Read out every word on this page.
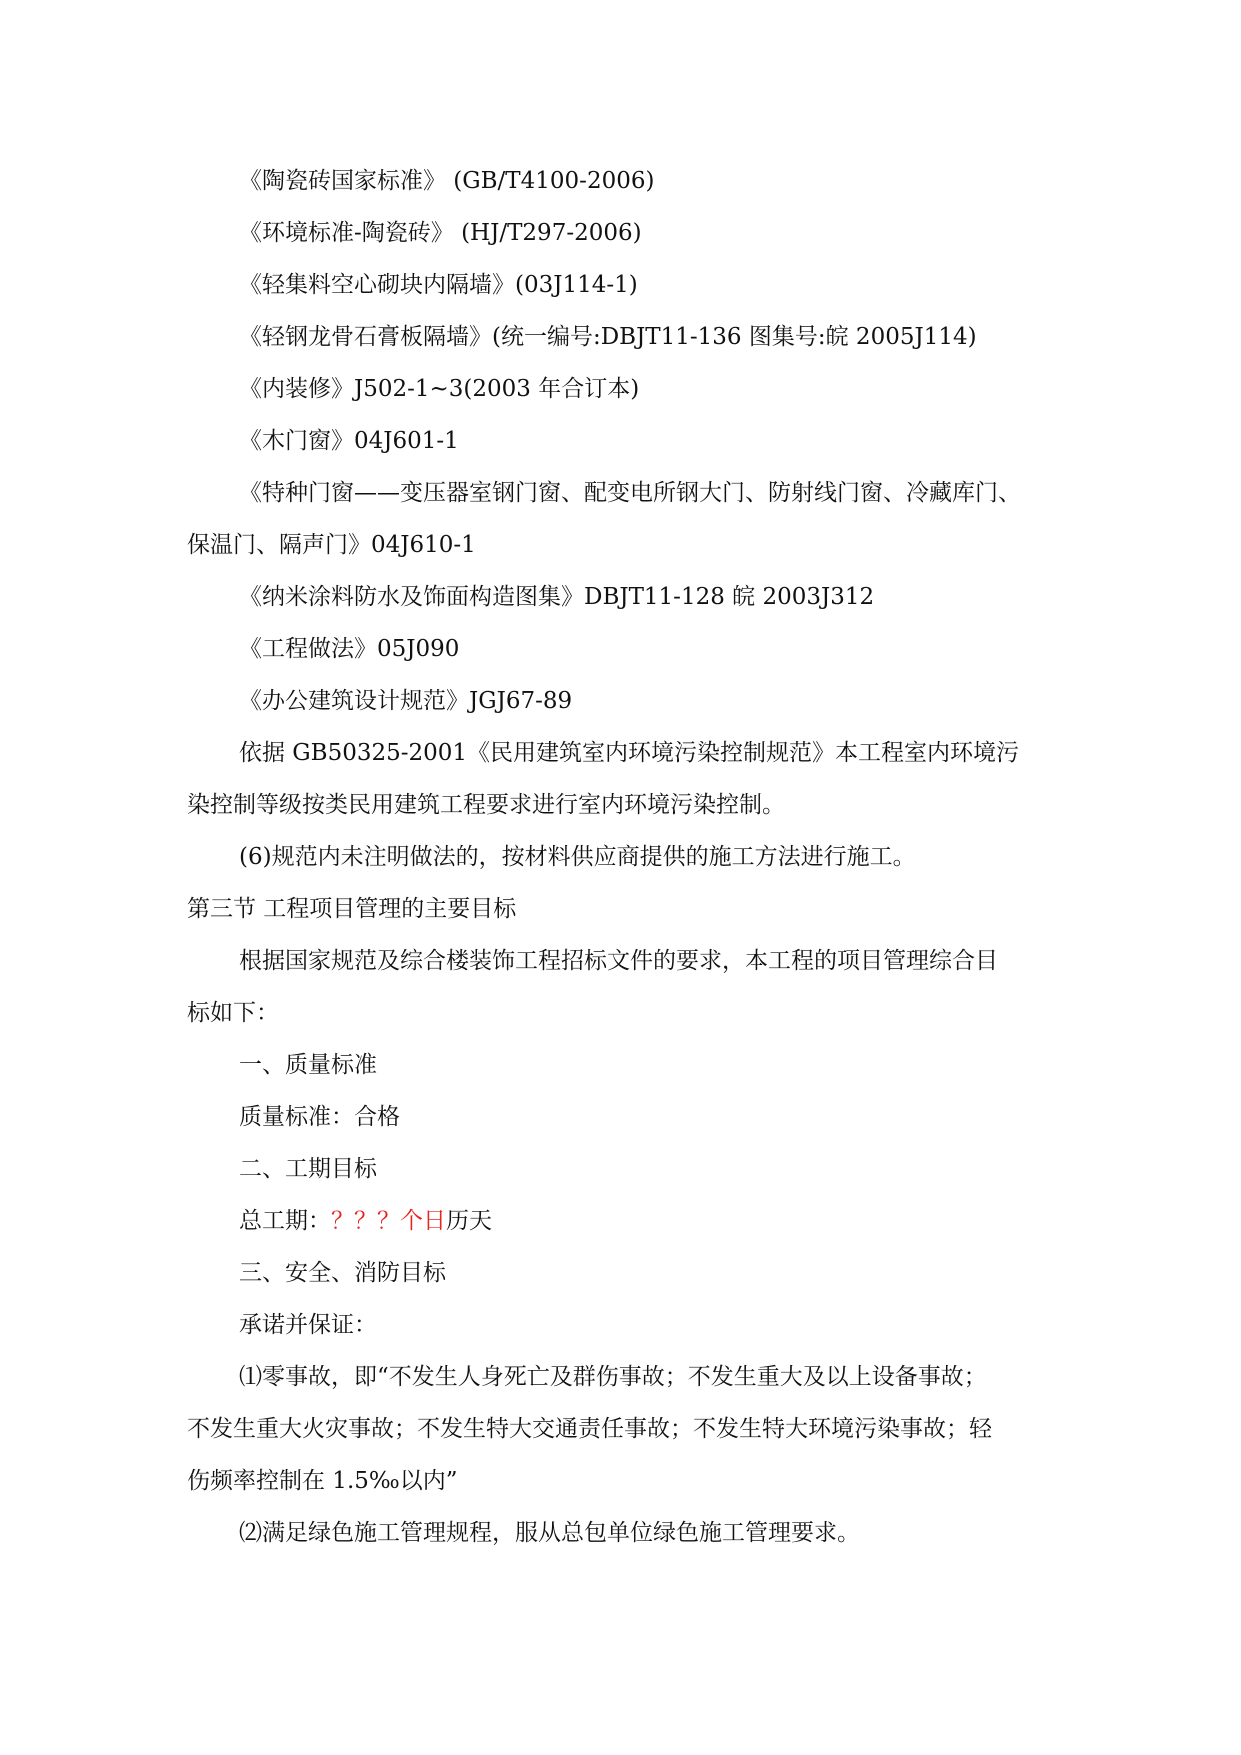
《陶瓷砖国家标准》 (GB/T4100-2006)
《环境标准-陶瓷砖》 (HJ/T297-2006)
《轻集料空心砌块内隔墙》(03J114-1)
《轻钢龙骨石膏板隔墙》(统一编号:DBJT11-136 图集号:皖 2005J114)
《内装修》J502-1~3(2003 年合订本)
《木门窗》04J601-1
《特种门窗——变压器室钢门窗、配变电所钢大门、防射线门窗、冷藏库门、
保温门、隔声门》04J610-1
《纳米涂料防水及饰面构造图集》DBJT11-128 皖 2003J312
《工程做法》05J090
《办公建筑设计规范》JGJ67-89
依据 GB50325-2001《民用建筑室内环境污染控制规范》本工程室内环境污
染控制等级按类民用建筑工程要求进行室内环境污染控制。
(6)规范内未注明做法的，按材料供应商提供的施工方法进行施工。
第三节 工程项目管理的主要目标
根据国家规范及综合楼装饰工程招标文件的要求，本工程的项目管理综合目
标如下：
一、质量标准
质量标准：合格
二、工期目标
总工期：？？？个日历天
三、安全、消防目标
承诺并保证：
⑴零事故，即“不发生人身死亡及群伤事故；不发生重大及以上设备事故；
不发生重大火灾事故；不发生特大交通责任事故；不发生特大环境污染事故；轻
伤频率控制在 1.5‰以内”
⑵满足绿色施工管理规程，服从总包单位绿色施工管理要求。
